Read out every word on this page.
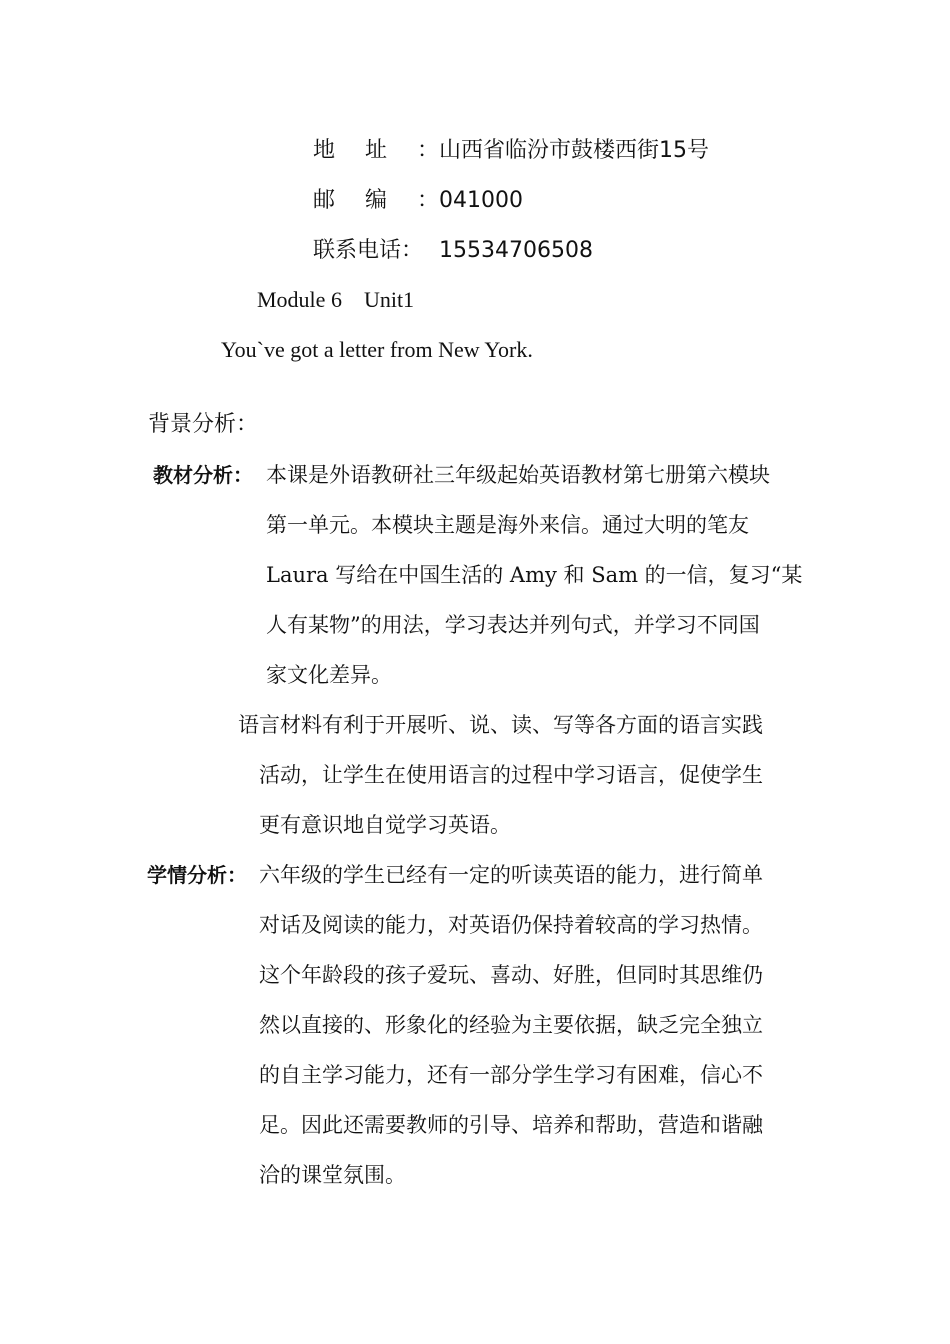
地址：山西省临汾市鼓楼西街15号
邮编：041000
联系电话： 15534706508
Module 6    Unit1
You`ve got a letter from New York.
背景分析：
教材分析： 本课是外语教研社三年级起始英语教材第七册第六模块
第一单元。本模块主题是海外来信。通过大明的笔友
Laura 写给在中国生活的 Amy 和 Sam 的一信，复习“某
人有某物”的用法，学习表达并列句式，并学习不同国
家文化差异。
语言材料有利于开展听、说、读、写等各方面的语言实践
活动，让学生在使用语言的过程中学习语言，促使学生
更有意识地自觉学习英语。
学情分析： 六年级的学生已经有一定的听读英语的能力，进行简单
对话及阅读的能力，对英语仍保持着较高的学习热情。
这个年龄段的孩子爱玩、喜动、好胜，但同时其思维仍
然以直接的、形象化的经验为主要依据，缺乏完全独立
的自主学习能力，还有一部分学生学习有困难，信心不
足。因此还需要教师的引导、培养和帮助，营造和谐融
洽的课堂氛围。
